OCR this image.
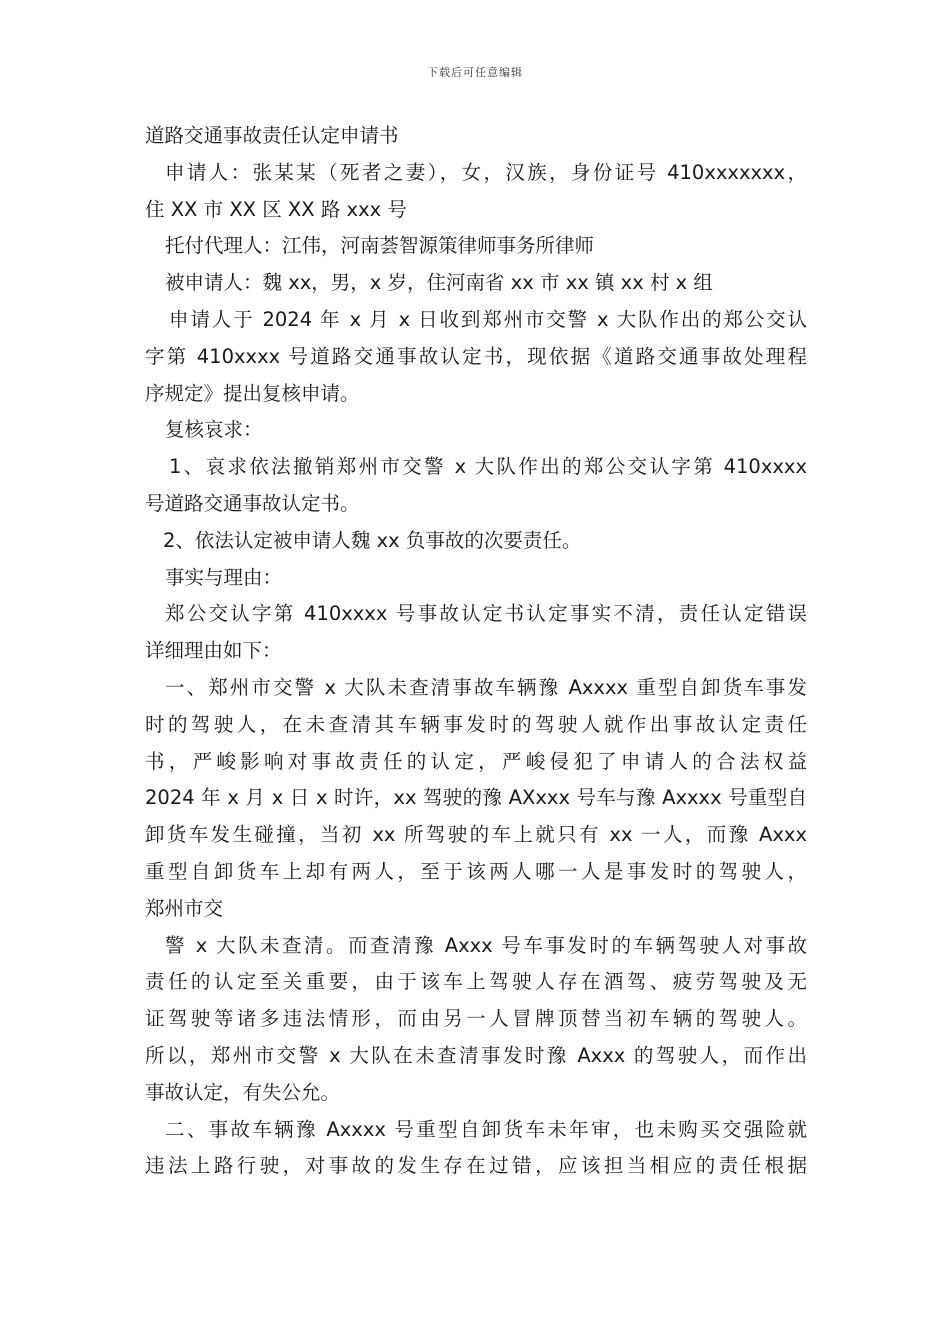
下载后可任意编辑
道路交通事故责任认定申请书
申请人：张某某（死者之妻），女，汉族，身份证号 410xxxxxxx，
住 XX 市 XX 区 XX 路 xxx 号
托付代理人：江伟，河南荟智源策律师事务所律师
被申请人：魏 xx，男，x 岁，住河南省 xx 市 xx 镇 xx 村 x 组
申请人于 2024 年 x 月 x 日收到郑州市交警 x 大队作出的郑公交认
字第 410xxxx 号道路交通事故认定书，现依据《道路交通事故处理程
序规定》提出复核申请。
复核哀求：
1、哀求依法撤销郑州市交警 x 大队作出的郑公交认字第 410xxxx
号道路交通事故认定书。
2、依法认定被申请人魏 xx 负事故的次要责任。
事实与理由：
郑公交认字第 410xxxx 号事故认定书认定事实不清，责任认定错误
详细理由如下：
一、郑州市交警 x 大队未查清事故车辆豫 Axxxx 重型自卸货车事发
时的驾驶人，在未查清其车辆事发时的驾驶人就作出事故认定责任
书，严峻影响对事故责任的认定，严峻侵犯了申请人的合法权益
2024 年 x 月 x 日 x 时许，xx 驾驶的豫 AXxxx 号车与豫 Axxxx 号重型自
卸货车发生碰撞，当初 xx 所驾驶的车上就只有 xx 一人，而豫 Axxx
重型自卸货车上却有两人，至于该两人哪一人是事发时的驾驶人，
郑州市交
警 x 大队未查清。而查清豫 Axxx 号车事发时的车辆驾驶人对事故
责任的认定至关重要，由于该车上驾驶人存在酒驾、疲劳驾驶及无
证驾驶等诸多违法情形，而由另一人冒牌顶替当初车辆的驾驶人。
所以，郑州市交警 x 大队在未查清事发时豫 Axxx 的驾驶人，而作出
事故认定，有失公允。
二、事故车辆豫 Axxxx 号重型自卸货车未年审，也未购买交强险就
违法上路行驶，对事故的发生存在过错，应该担当相应的责任根据
